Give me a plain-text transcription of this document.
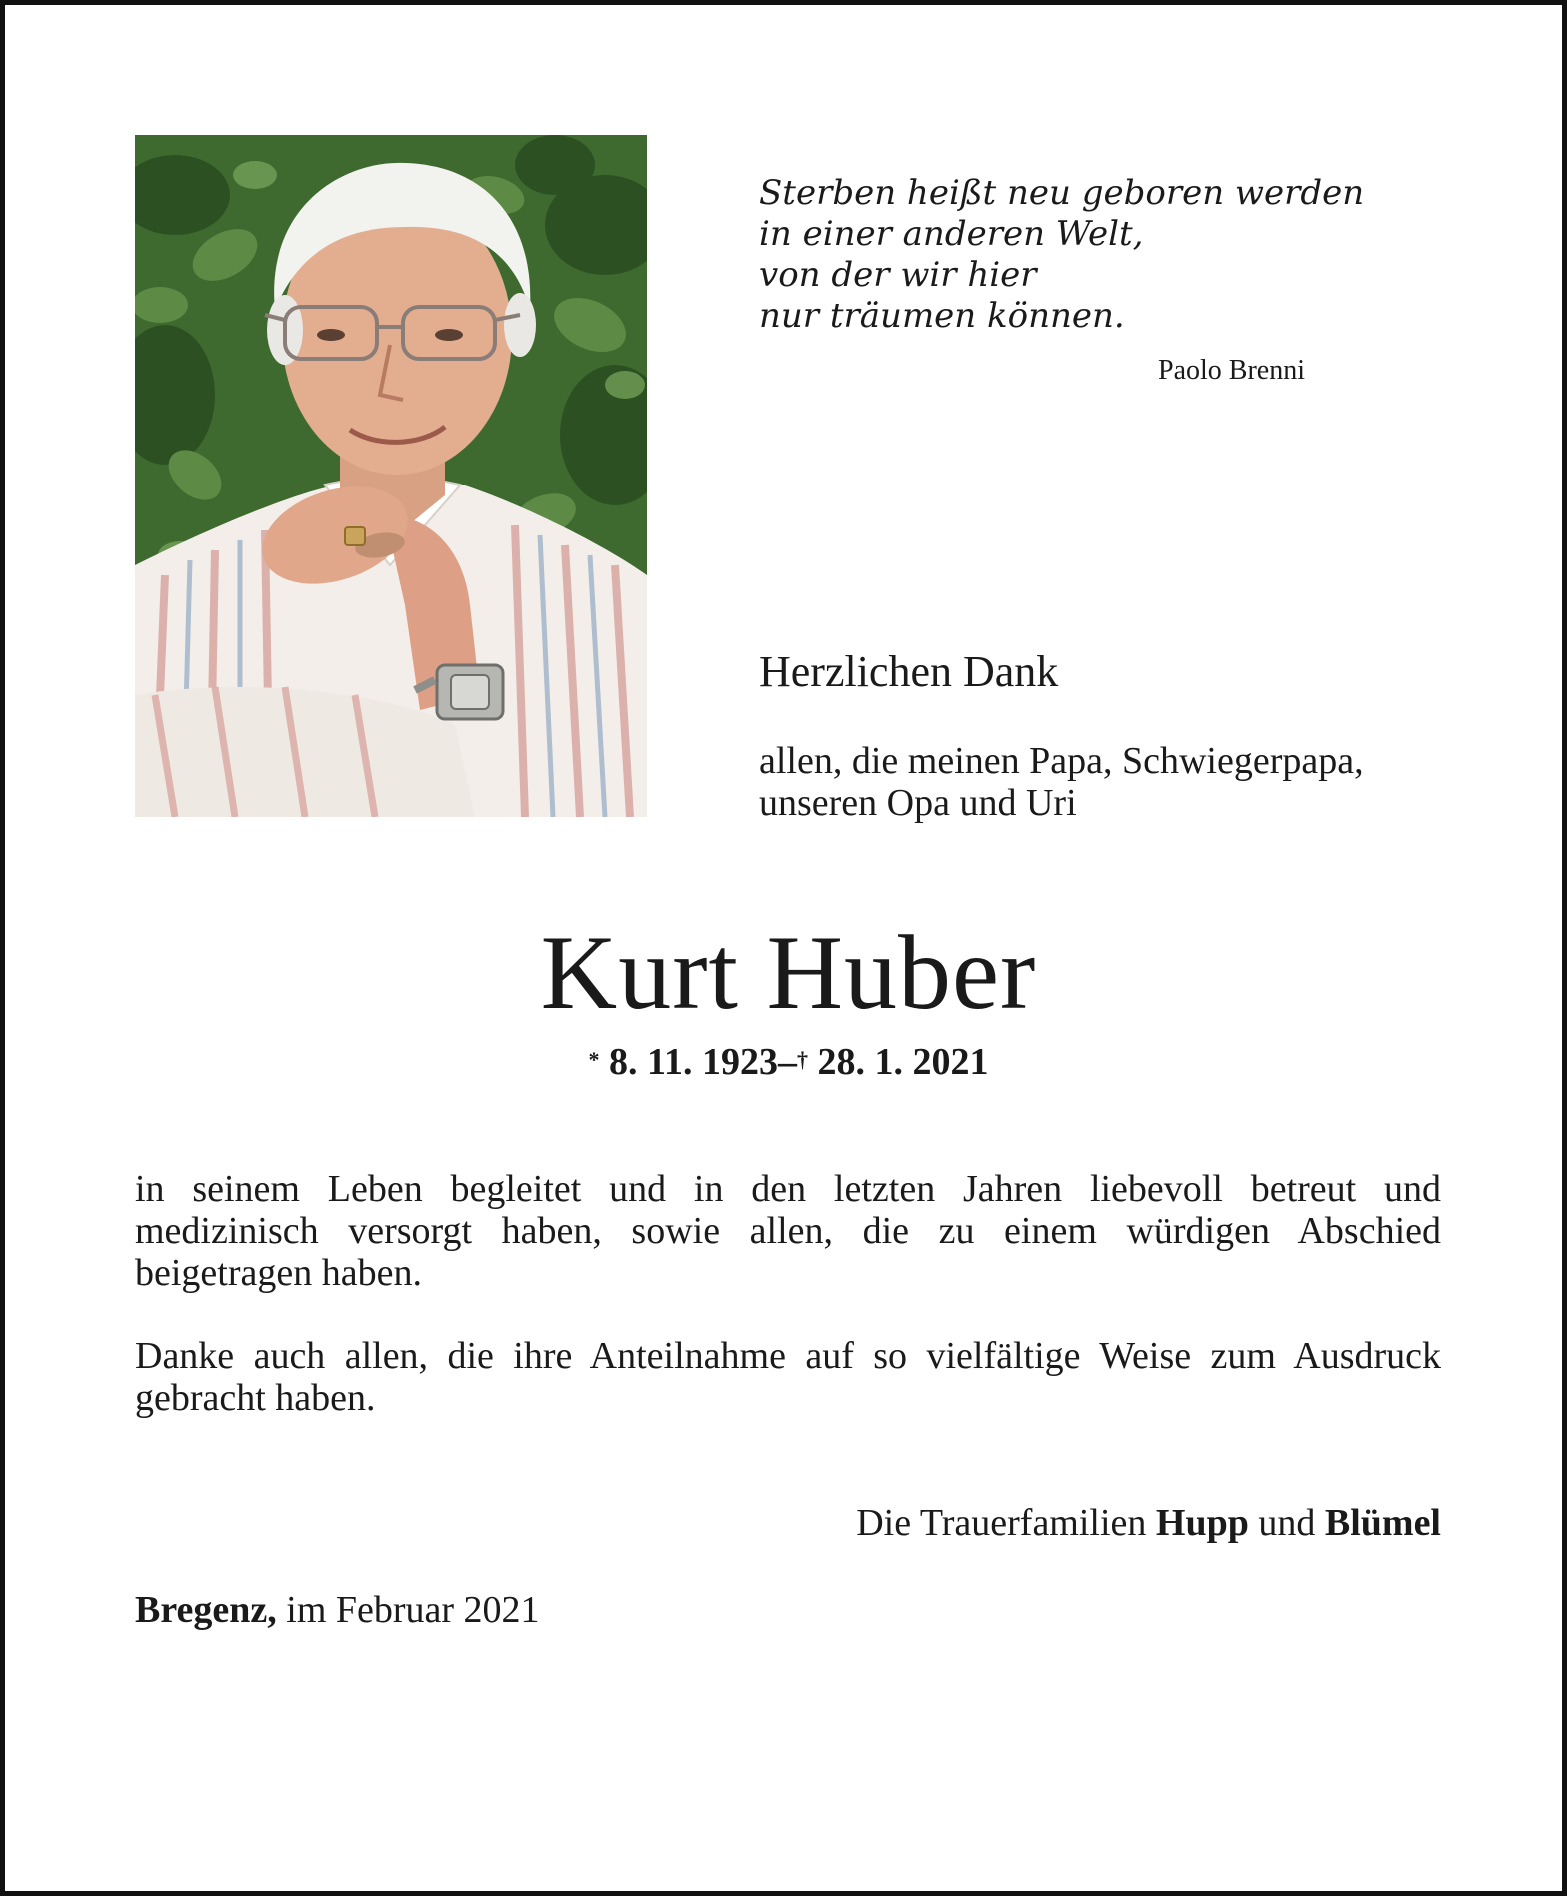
Sterben heißt neu geboren werden
in einer anderen Welt,
von der wir hier
nur träumen können.
Paolo Brenni
Herzlichen Dank
allen, die meinen Papa, Schwiegerpapa,
unseren Opa und Uri
Kurt Huber
* 8. 11. 1923–† 28. 1. 2021
in seinem Leben begleitet und in den letzten Jahren liebevoll betreut und
medizinisch versorgt haben, sowie allen, die zu einem würdigen Abschied
beigetragen haben.
Danke auch allen, die ihre Anteilnahme auf so vielfältige Weise zum Ausdruck
gebracht haben.
Die Trauerfamilien Hupp und Blümel
Bregenz, im Februar 2021
